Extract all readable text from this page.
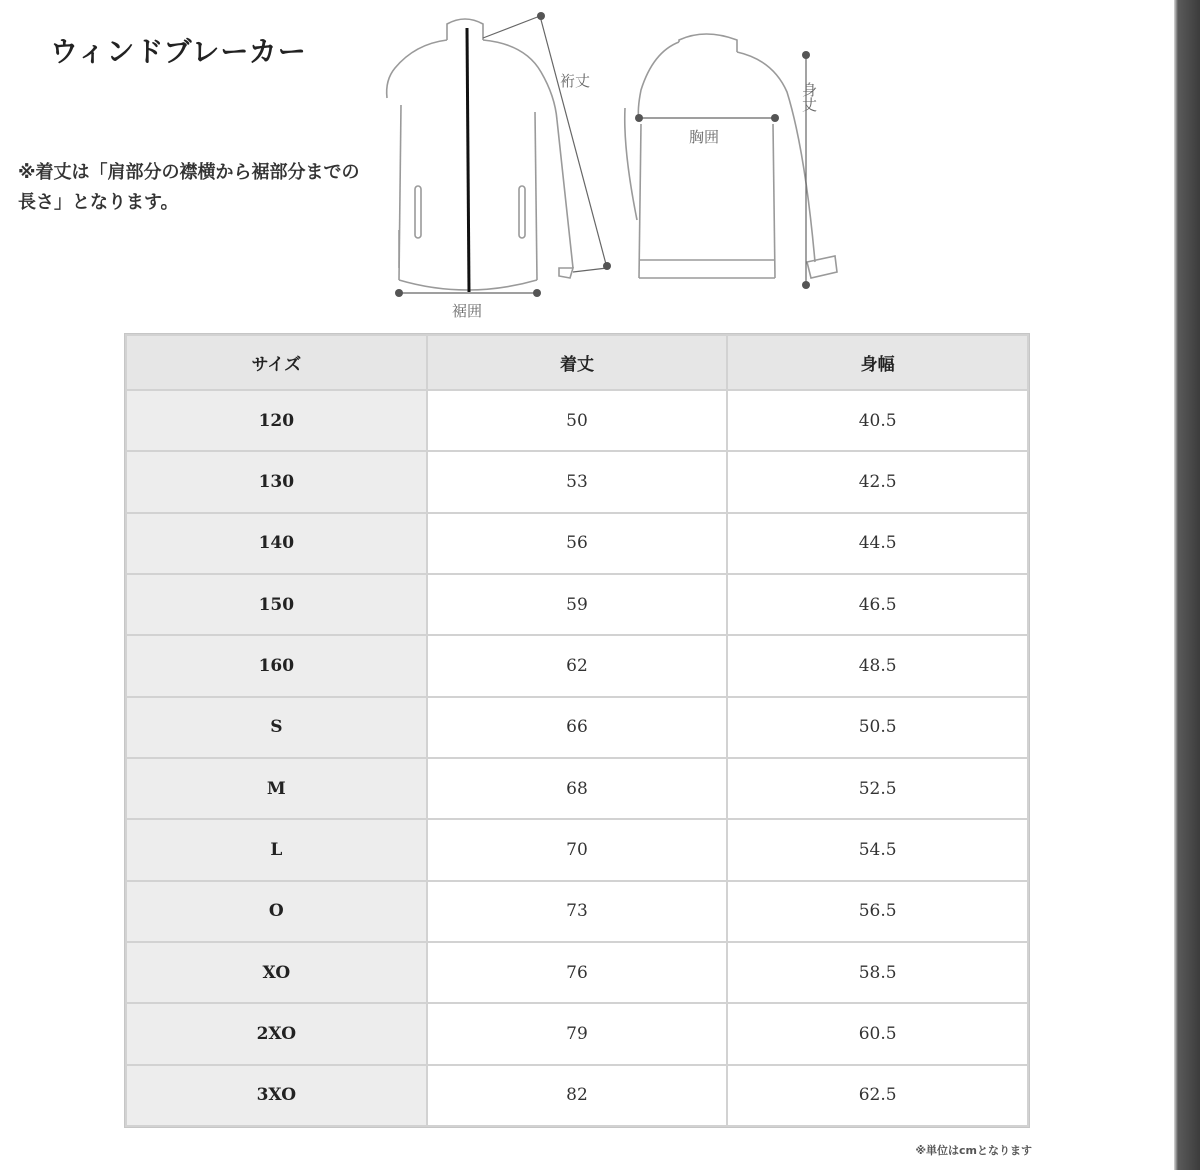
ウィンドブレーカー
※着丈は「肩部分の襟横から裾部分までの長さ」となります。
裄丈
胸囲
裾囲
身丈
サイズ	着丈	身幅
120	50	40.5
130	53	42.5
140	56	44.5
150	59	46.5
160	62	48.5
S	66	50.5
M	68	52.5
L	70	54.5
O	73	56.5
XO	76	58.5
2XO	79	60.5
3XO	82	62.5
※単位はcmとなります
